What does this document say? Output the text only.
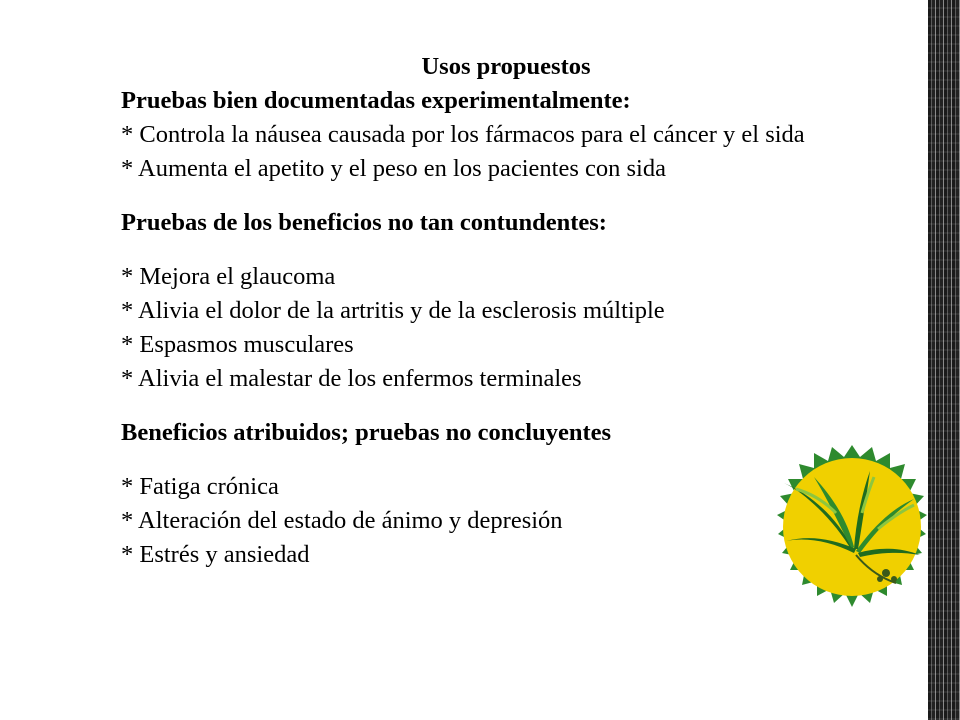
Usos propuestos

Pruebas bien documentadas experimentalmente:

* Controla la náusea causada por los fármacos para el cáncer y el sida

* Aumenta el apetito y el peso en los pacientes con sida

Pruebas de los beneficios no tan contundentes:

* Mejora el glaucoma

* Alivia el dolor de la artritis y de la esclerosis múltiple

* Espasmos musculares

* Alivia el malestar de los enfermos terminales

Beneficios atribuidos; pruebas no concluyentes

* Fatiga crónica

* Alteración del estado de ánimo y depresión

* Estrés y ansiedad
